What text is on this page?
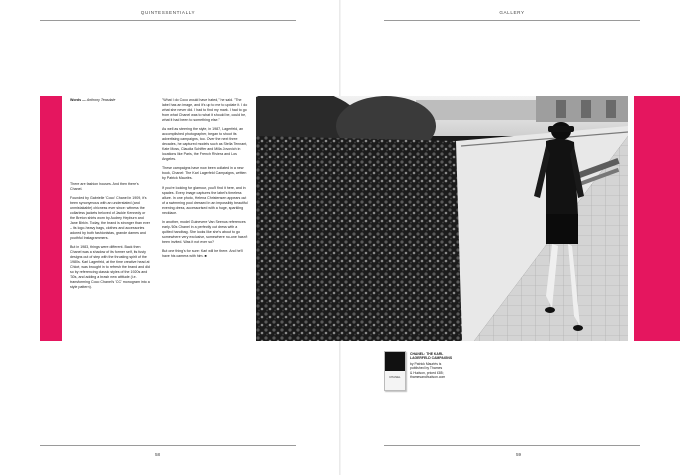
QUINTESSENTIALLY	GALLERY
58	59
Words — Anthony Teasdale

There are fashion houses. And then there's Chanel.

Founded by Gabrielle 'Coco' Chanel in 1909, it's been synonymous with an understated (and unmistakable) chicness ever since: witness the collarless jackets beloved of Jackie Kennedy or the Breton shirts worn by Audrey Hepburn and Jane Birkin. Today, the brand is stronger than ever – its logo-heavy bags, clothes and accessories adored by both fashionistas, grande dames and youthful Instagrammers.

But in 1983, things were different. Back then Chanel was a shadow of its former self, its fusty designs out of step with the thrusting spirit of the 1980s. Karl Lagerfeld, at the time creative head at Chloé, was brought in to refresh the brand and did so by referencing classic styles of the 1920s and '30s, and adding a brash new attitude (i.e. transforming Coco Chanel's 'CC' monogram into a style pattern).

"What I do Coco would have hated," he said. "The label has an image, and it's up to me to update it. I do what she never did. I had to find my mark. I had to go from what Chanel was to what it should be, could be, what it had been to something else."

As well as steering the style, in 1987, Lagerfeld, an accomplished photographer, began to shoot its advertising campaigns, too. Over the next three decades, he captured models such as Stella Tennant, Kate Moss, Claudia Schiffer and Milla Jovovich in locations like Paris, the French Riviera and Los Angeles.

These campaigns have now been collated in a new book, Chanel: The Karl Lagerfeld Campaigns, written by Patrick Mauriès.

If you're looking for glamour, you'll find it here, and in spades. Every image captures the label's timeless allure. In one photo, Helena Christensen appears out of a swimming pool dressed in an impossibly beautiful evening dress, accessorised with a huge, sparkling necklace.

In another, model Guinevere Van Seenus references early-'60s Chanel in a perfectly cut dress with a quilted handbag. She looks like she's about to go somewhere very exclusive, somewhere no-one hasn't been invited. Was it not ever so?

But one thing's for sure: Karl will be there. And he'll have his camera with him. ■

CHANEL

CHANEL: THE KARL LAGERFELD CAMPAIGNS

by Patrick Mauriès is

published by Thames

& Hudson, priced £85;

thamesandhudson.com
